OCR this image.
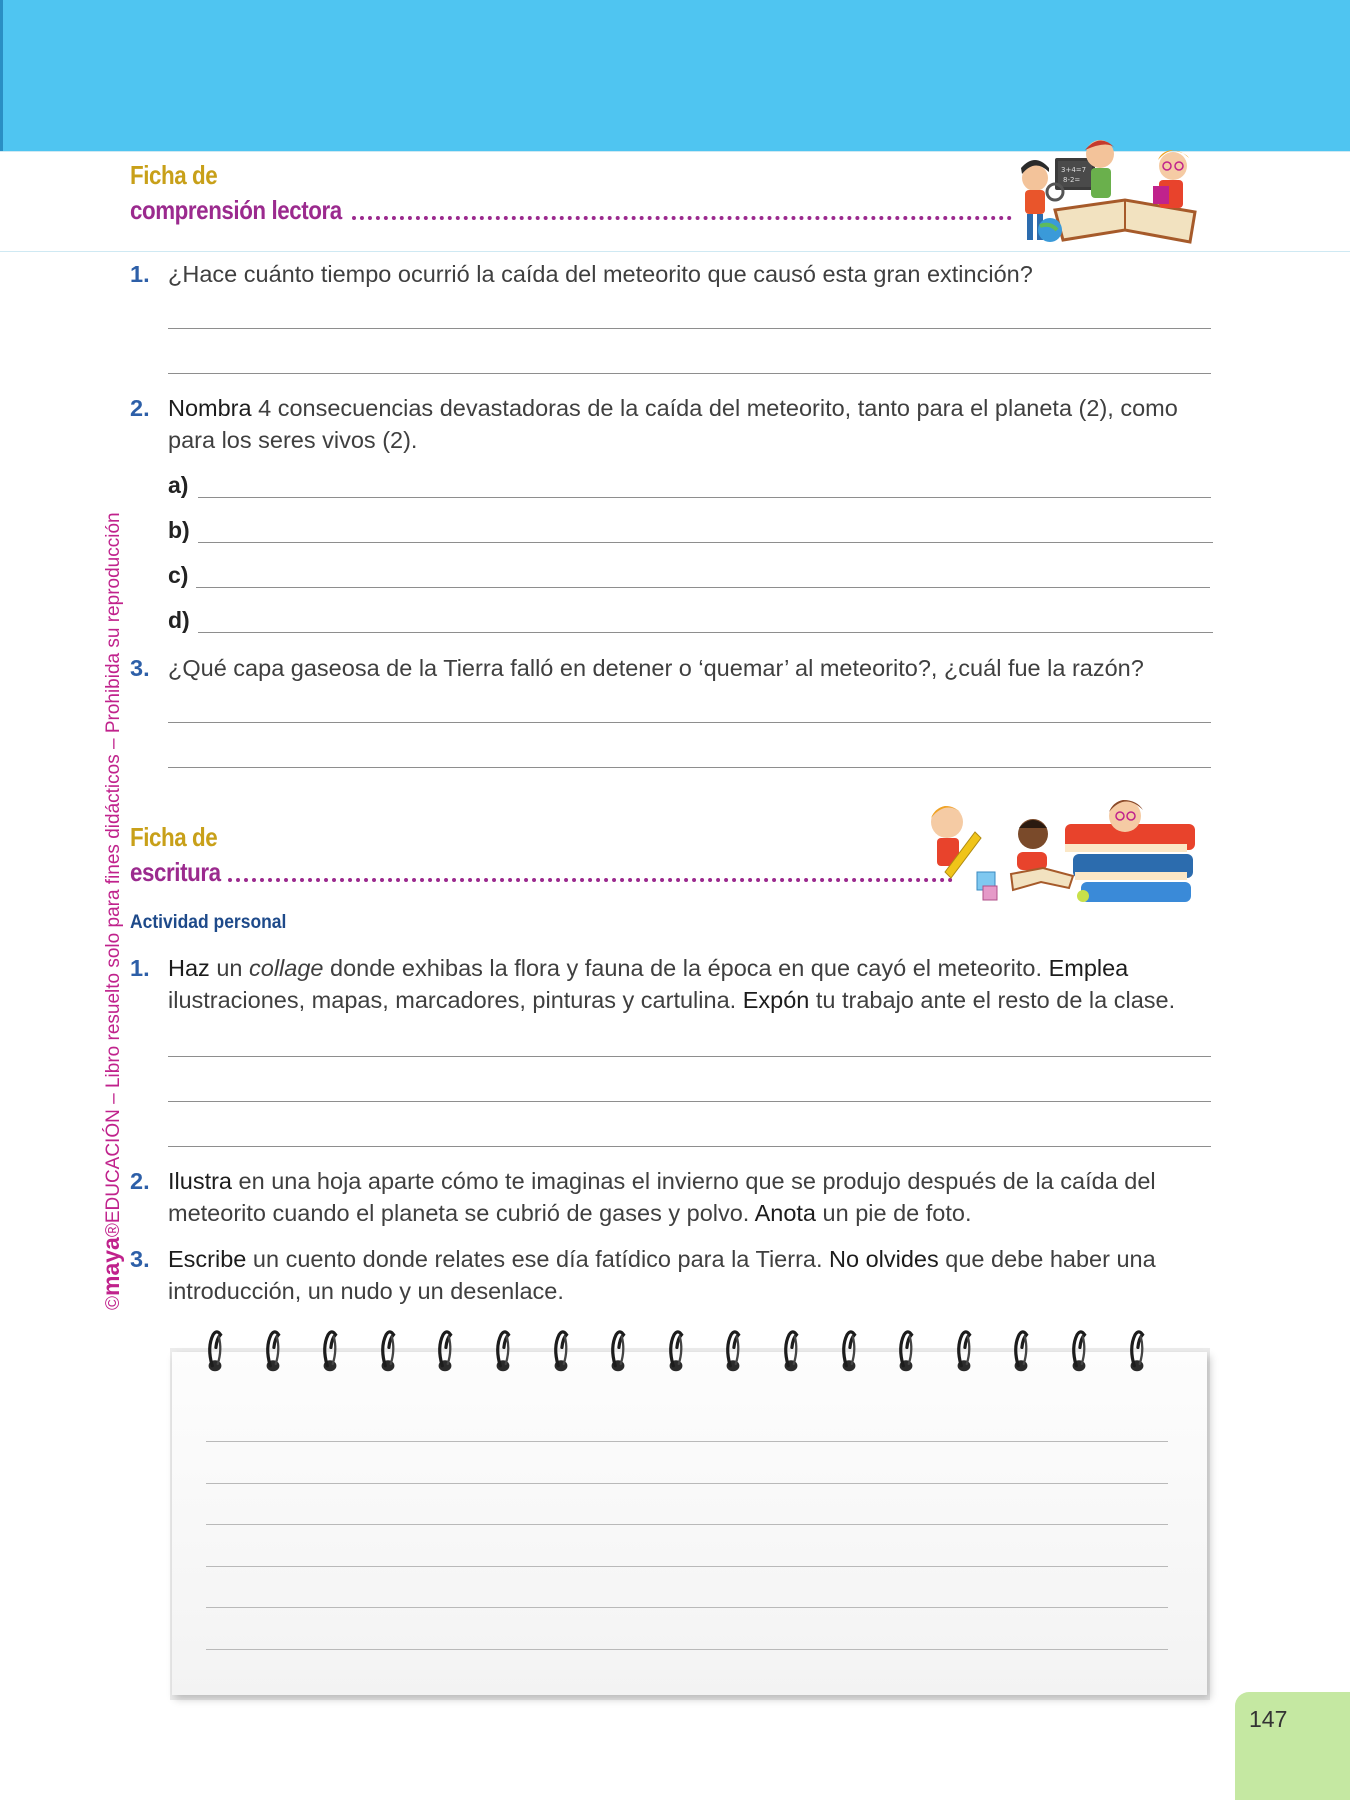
©maya®EDUCACIÓN – Libro resuelto solo para fines didácticos – Prohibida su reproducción
Ficha de
comprensión lectora
3+4=7
8-2=
1. ¿Hace cuánto tiempo ocurrió la caída del meteorito que causó esta gran extinción?
2. Nombra 4 consecuencias devastadoras de la caída del meteorito, tanto para el planeta (2), como para los seres vivos (2).
a)
b)
c)
d)
3. ¿Qué capa gaseosa de la Tierra falló en detener o ‘quemar’ al meteorito?, ¿cuál fue la razón?
Ficha de
escritura
Actividad personal
1. Haz un collage donde exhibas la flora y fauna de la época en que cayó el meteorito. Emplea ilustraciones, mapas, marcadores, pinturas y cartulina. Expón tu trabajo ante el resto de la clase.
2. Ilustra en una hoja aparte cómo te imaginas el invierno que se produjo después de la caída del meteorito cuando el planeta se cubrió de gases y polvo. Anota un pie de foto.
3. Escribe un cuento donde relates ese día fatídico para la Tierra. No olvides que debe haber una introducción, un nudo y un desenlace.
147
